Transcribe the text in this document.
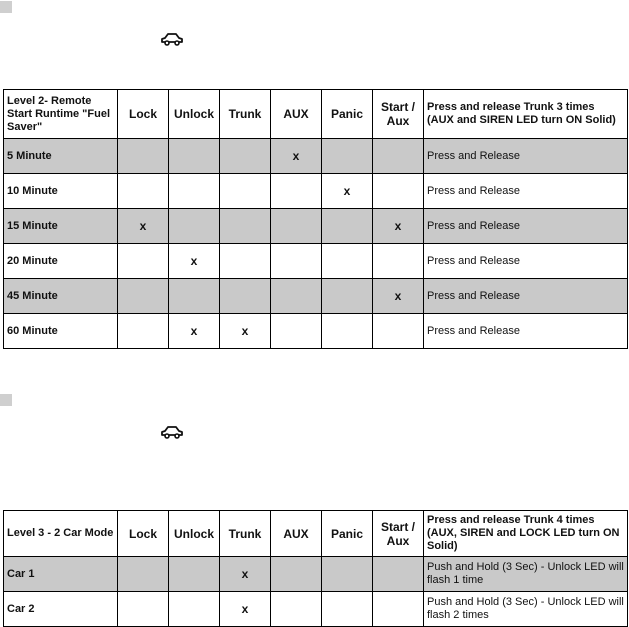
Level 2- Remote Start Runtime "Fuel Saver"	Lock	Unlock	Trunk	AUX	Panic	Start / Aux	Press and release Trunk 3 times (AUX and SIREN LED turn ON Solid)
5 Minute				x			Press and Release
10 Minute					x		Press and Release
15 Minute	x					x	Press and Release
20 Minute		x					Press and Release
45 Minute						x	Press and Release
60 Minute		x	x				Press and Release
Level 3 - 2 Car Mode	Lock	Unlock	Trunk	AUX	Panic	Start / Aux	Press and release Trunk 4 times (AUX, SIREN and LOCK LED turn ON Solid)
Car 1			x				Push and Hold (3 Sec) - Unlock LED will flash 1 time
Car 2			x				Push and Hold (3 Sec) - Unlock LED will flash 2 times
